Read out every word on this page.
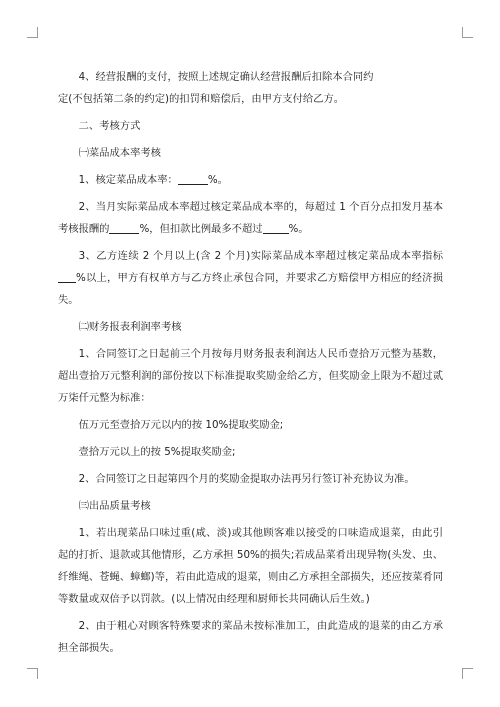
4、经营报酬的支付，按照上述规定确认经营报酬后扣除本合同约

定(不包括第二条的约定)的扣罚和赔偿后，由甲方支付给乙方。

二、考核方式

㈠菜品成本率考核

1、核定菜品成本率：	%。

2、当月实际菜品成本率超过核定菜品成本率的，每超过 1 个百分点扣发月基本考核报酬的	%，但扣款比例最多不超过	%。

3、乙方连续 2 个月以上(含 2 个月)实际菜品成本率超过核定菜品成本率指标%以上，甲方有权单方与乙方终止承包合同，并要求乙方赔偿甲方相应的经济损失。

㈡财务报表利润率考核

1、合同签订之日起前三个月按每月财务报表利润达人民币壹拾万元整为基数，超出壹拾万元整利润的部份按以下标准提取奖励金给乙方，但奖励金上限为不超过贰万柒仟元整为标准：

伍万元至壹拾万元以内的按 10%提取奖励金;

壹拾万元以上的按 5%提取奖励金;

2、合同签订之日起第四个月的奖励金提取办法再另行签订补充协议为准。

㈢出品质量考核

1、若出现菜品口味过重(咸、淡)或其他顾客难以接受的口味造成退菜，由此引起的打折、退款或其他情形，乙方承担 50%的损失;若成品菜肴出现异物(头发、虫、纤维绳、苍蝇、蟑螂)等，若由此造成的退菜，则由乙方承担全部损失，还应按菜肴同等数量或双倍予以罚款。(以上情况由经理和厨师长共同确认后生效。)

2、由于粗心对顾客特殊要求的菜品未按标准加工，由此造成的退菜的由乙方承担全部损失。
